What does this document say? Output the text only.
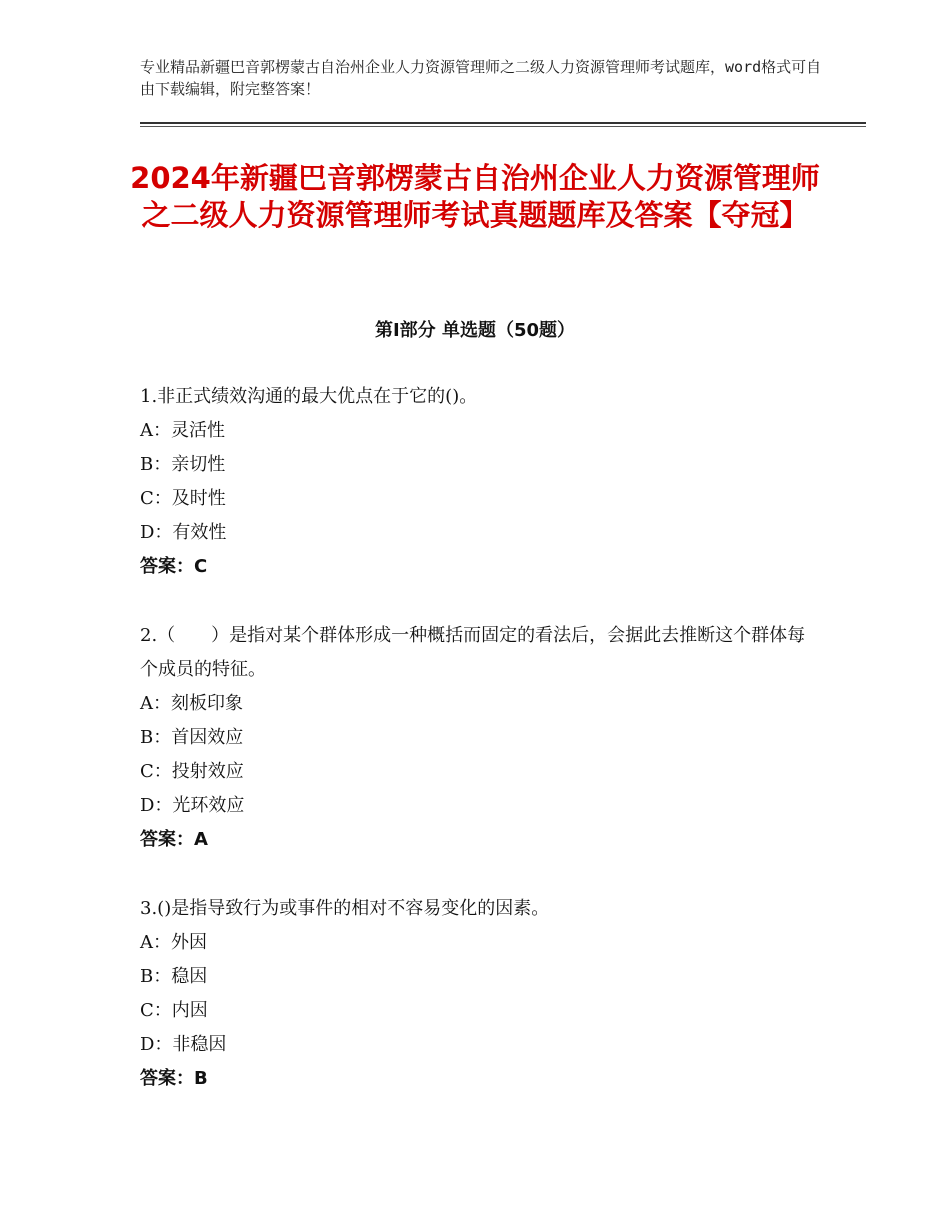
专业精品新疆巴音郭楞蒙古自治州企业人力资源管理师之二级人力资源管理师考试题库，word格式可自由下载编辑，附完整答案！
2024年新疆巴音郭楞蒙古自治州企业人力资源管理师之二级人力资源管理师考试真题题库及答案【夺冠】
第Ⅰ部分 单选题（50题）

1.非正式绩效沟通的最大优点在于它的()。

A：灵活性

B：亲切性

C：及时性

D：有效性

答案：C

2.（　　）是指对某个群体形成一种概括而固定的看法后，会据此去推断这个群体每个成员的特征。

A：刻板印象

B：首因效应

C：投射效应

D：光环效应

答案：A

3.()是指导致行为或事件的相对不容易变化的因素。

A：外因

B：稳因

C：内因

D：非稳因

答案：B
